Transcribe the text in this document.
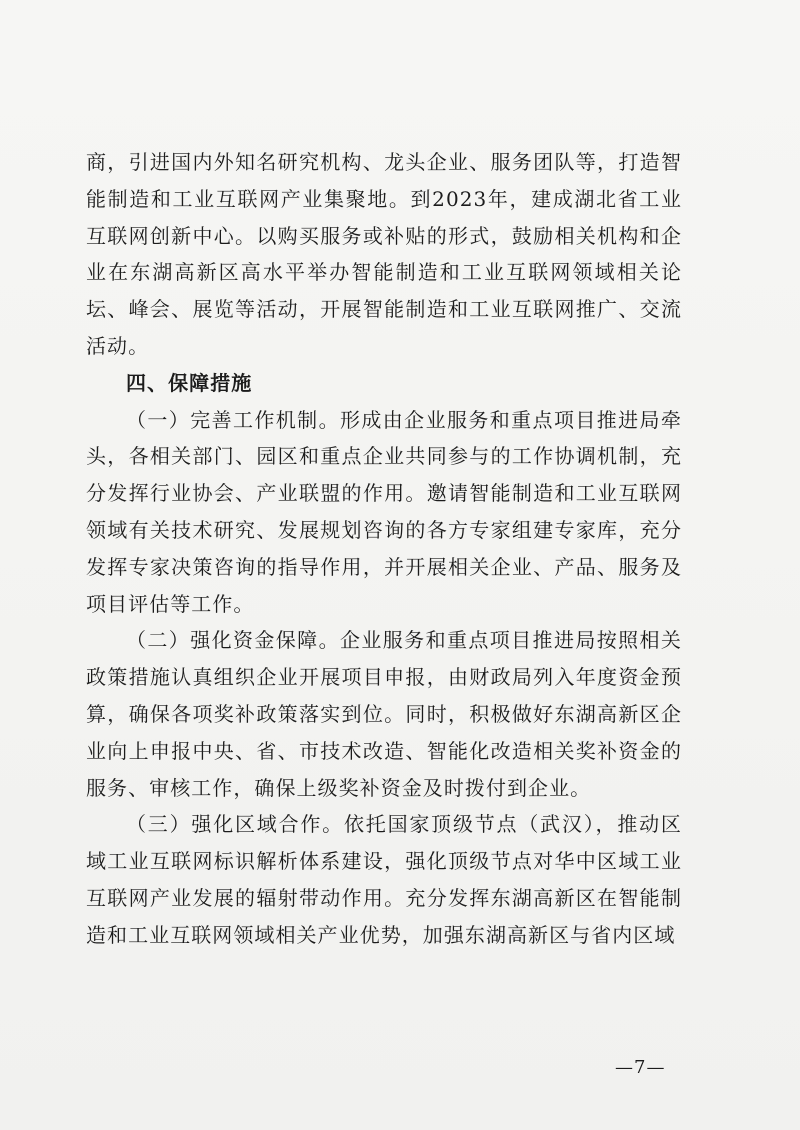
商，引进国内外知名研究机构、龙头企业、服务团队等，打造智能制造和工业互联网产业集聚地。到2023年，建成湖北省工业互联网创新中心。以购买服务或补贴的形式，鼓励相关机构和企业在东湖高新区高水平举办智能制造和工业互联网领域相关论坛、峰会、展览等活动，开展智能制造和工业互联网推广、交流活动。

四、保障措施

（一）完善工作机制。形成由企业服务和重点项目推进局牵头，各相关部门、园区和重点企业共同参与的工作协调机制，充分发挥行业协会、产业联盟的作用。邀请智能制造和工业互联网领域有关技术研究、发展规划咨询的各方专家组建专家库，充分发挥专家决策咨询的指导作用，并开展相关企业、产品、服务及项目评估等工作。

（二）强化资金保障。企业服务和重点项目推进局按照相关政策措施认真组织企业开展项目申报，由财政局列入年度资金预算，确保各项奖补政策落实到位。同时，积极做好东湖高新区企业向上申报中央、省、市技术改造、智能化改造相关奖补资金的服务、审核工作，确保上级奖补资金及时拨付到企业。

（三）强化区域合作。依托国家顶级节点（武汉），推动区域工业互联网标识解析体系建设，强化顶级节点对华中区域工业互联网产业发展的辐射带动作用。充分发挥东湖高新区在智能制造和工业互联网领域相关产业优势，加强东湖高新区与省内区域

—7—
